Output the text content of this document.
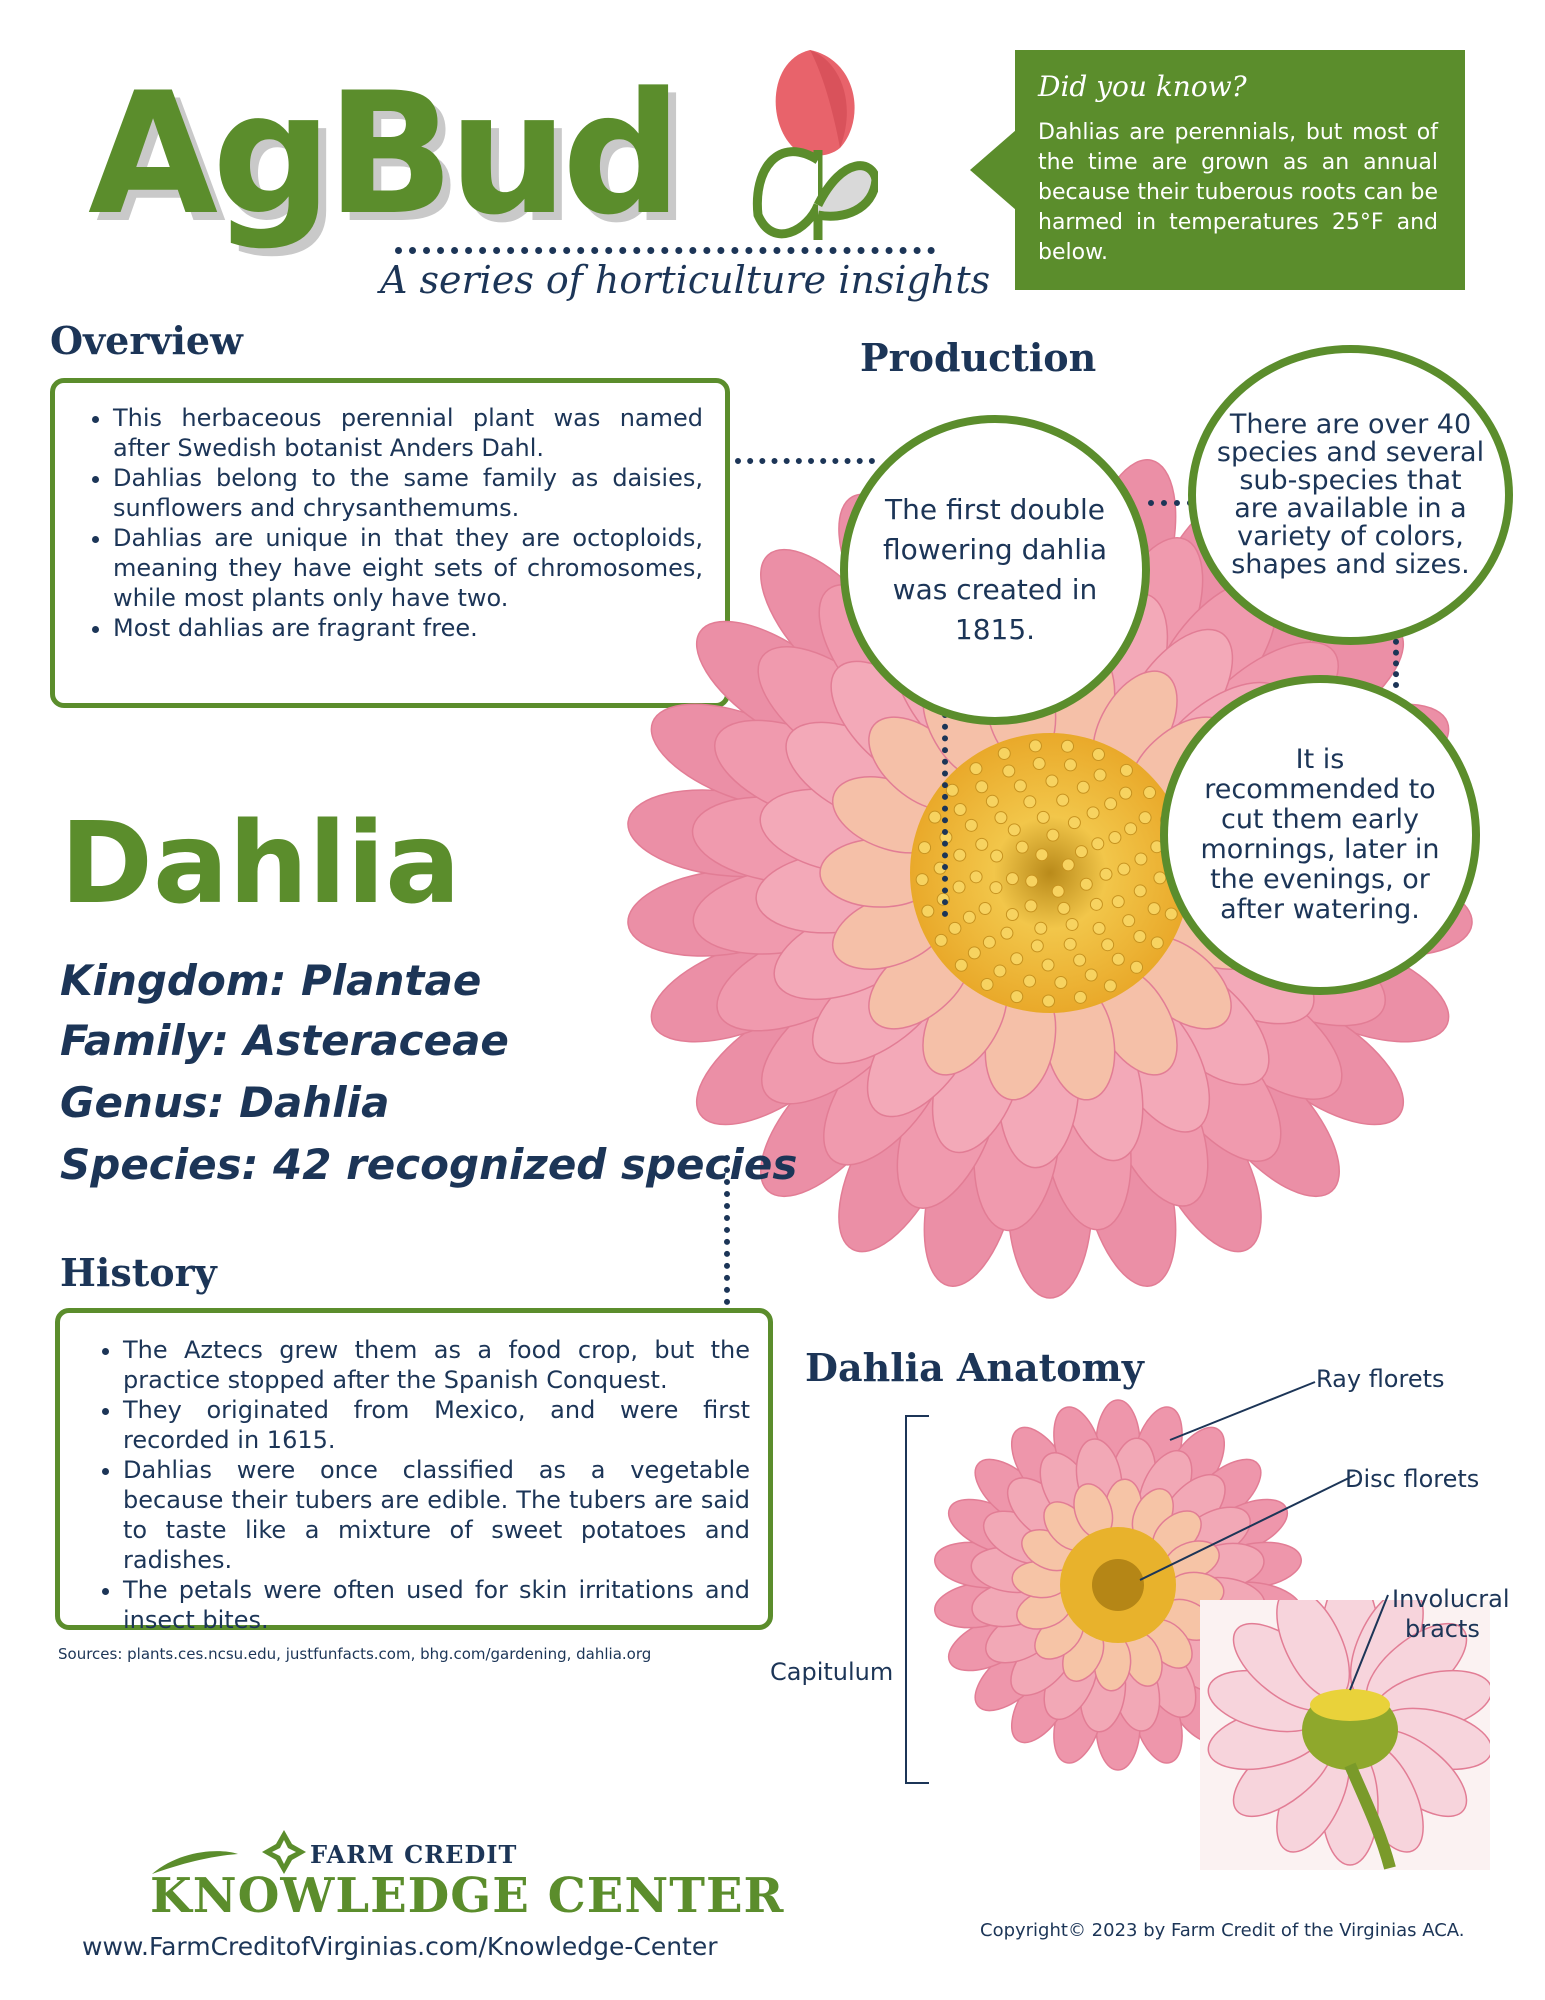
AgBud
A series of horticulture insights
Did you know?
Dahlias are perennials, but most of the time are grown as an annual because their tuberous roots can be harmed in temperatures 25°F and below.
Overview
• This herbaceous perennial plant was named after Swedish botanist Anders Dahl.
• Dahlias belong to the same family as daisies, sunflowers and chrysanthemums.
• Dahlias are unique in that they are octoploids, meaning they have eight sets of chromosomes, while most plants only have two.
• Most dahlias are fragrant free.
Production
The first double flowering dahlia was created in 1815.
There are over 40 species and several sub-species that are available in a variety of colors, shapes and sizes.
It is recommended to cut them early mornings, later in the evenings, or after watering.
Dahlia
Kingdom: Plantae
Family: Asteraceae
Genus: Dahlia
Species: 42 recognized species
History
• The Aztecs grew them as a food crop, but the practice stopped after the Spanish Conquest.
• They originated from Mexico, and were first recorded in 1615.
• Dahlias were once classified as a vegetable because their tubers are edible. The tubers are said to taste like a mixture of sweet potatoes and radishes.
• The petals were often used for skin irritations and insect bites.
Sources: plants.ces.ncsu.edu, justfunfacts.com, bhg.com/gardening, dahlia.org
Dahlia Anatomy	Ray florets
Disc florets
Involucral
bracts
Capitulum
FARM CREDIT
KNOWLEDGE CENTER
www.FarmCreditofVirginias.com/Knowledge-Center
Copyright© 2023 by Farm Credit of the Virginias ACA.
